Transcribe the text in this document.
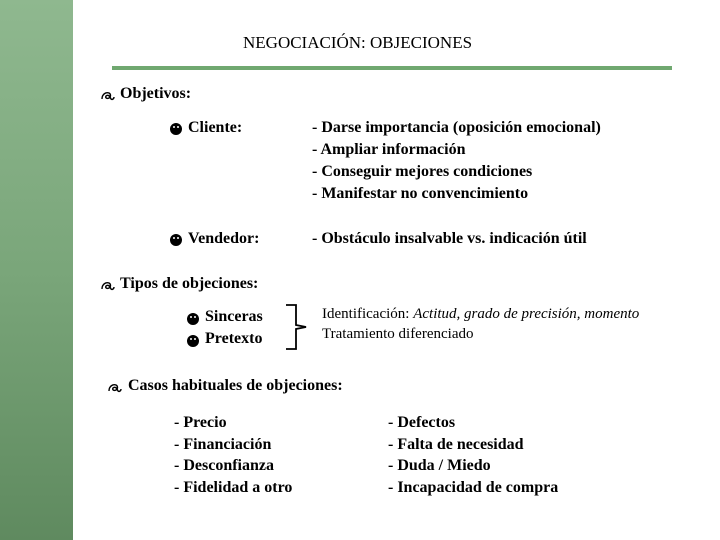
NEGOCIACIÓN: OBJECIONES
Objetivos:
Cliente:	- Darse importancia (oposición emocional)
- Ampliar información
- Conseguir mejores condiciones
- Manifestar no convencimiento
Vendedor:	- Obstáculo insalvable vs. indicación útil
Tipos de objeciones:
Sinceras
Pretexto
Identificación: Actitud, grado de precisión, momento
Tratamiento diferenciado
Casos habituales de objeciones:
- Precio
- Financiación
- Desconfianza
- Fidelidad a otro
- Defectos
- Falta de necesidad
- Duda / Miedo
- Incapacidad de compra
